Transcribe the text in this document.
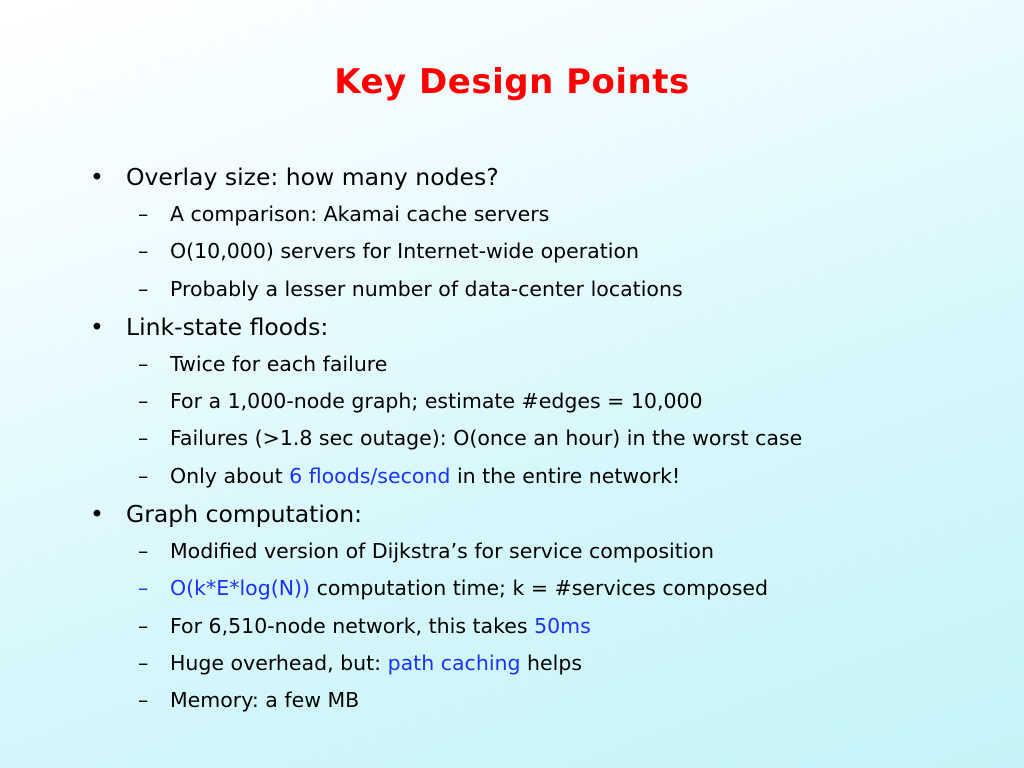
Key Design Points
• Overlay size: how many nodes?
– A comparison: Akamai cache servers
– O(10,000) servers for Internet-wide operation
– Probably a lesser number of data-center locations
• Link-state floods:
– Twice for each failure
– For a 1,000-node graph; estimate #edges = 10,000
– Failures (>1.8 sec outage): O(once an hour) in the worst case
– Only about 6 floods/second in the entire network!
• Graph computation:
– Modified version of Dijkstra’s for service composition
– O(k*E*log(N)) computation time; k = #services composed
– For 6,510-node network, this takes 50ms
– Huge overhead, but: path caching helps
– Memory: a few MB
